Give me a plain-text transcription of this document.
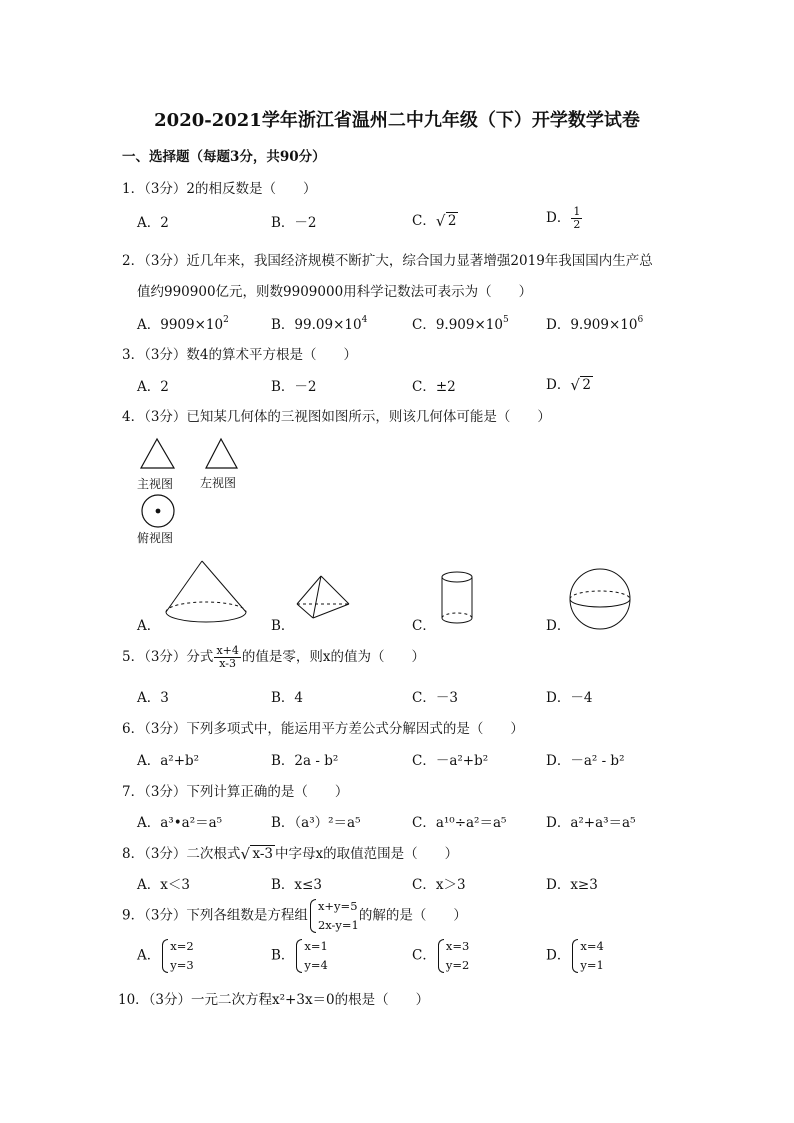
2020-2021学年浙江省温州二中九年级（下）开学数学试卷
一、选择题（每题3分，共90分）
1．（3分）2的相反数是（　　）
A．2	B．－2	C． √ 2	D． $\frac{1}{2}$
2．（3分）近几年来，我国经济规模不断扩大，综合国力显著增强2019年我国国内生产总
值约990900亿元，则数9909000用科学记数法可表示为（　　）
A．$9909\times 10^2$	B．$99.09\times 10^4$	C．$9.909\times 10^5$	D．$9.909\times 10^6$
3．（3分）数4的算术平方根是（　　）
A．2	B．－2	C．±2	D． √ 2
4．（3分）已知某几何体的三视图如图所示，则该几何体可能是（　　）
主视图 左视图
俯视图
A．	B．	C．	D．
5．（3分）分式 $\frac{x+4}{x-3}$ 的值是零，则x的值为（　　）
A．3	B．4	C．－3	D．－4
6．（3分）下列多项式中，能运用平方差公式分解因式的是（　　）
A．a²+b²	B．2a - b²	C．－a²+b²	D．－a² - b²
7．（3分）下列计算正确的是（　　）
A．a³•a²＝a⁵	B．（a³）²＝a⁵	C．a¹⁰÷a²＝a⁵	D．a²+a³＝a⁵
8．（3分）二次根式 √ x-3 中字母x的取值范围是（　　）
A．x＜3	B．x≤3	C．x＞3	D．x≥3
9．（3分）下列各组数是方程组
x+y=5
2x-y=1
的解的是（　　）
A．
x=2
y=3
B．
x=1
y=4
C．
x=3
y=2
D．
x=4
y=1
10．（3分）一元二次方程x²+3x＝0的根是（　　）
